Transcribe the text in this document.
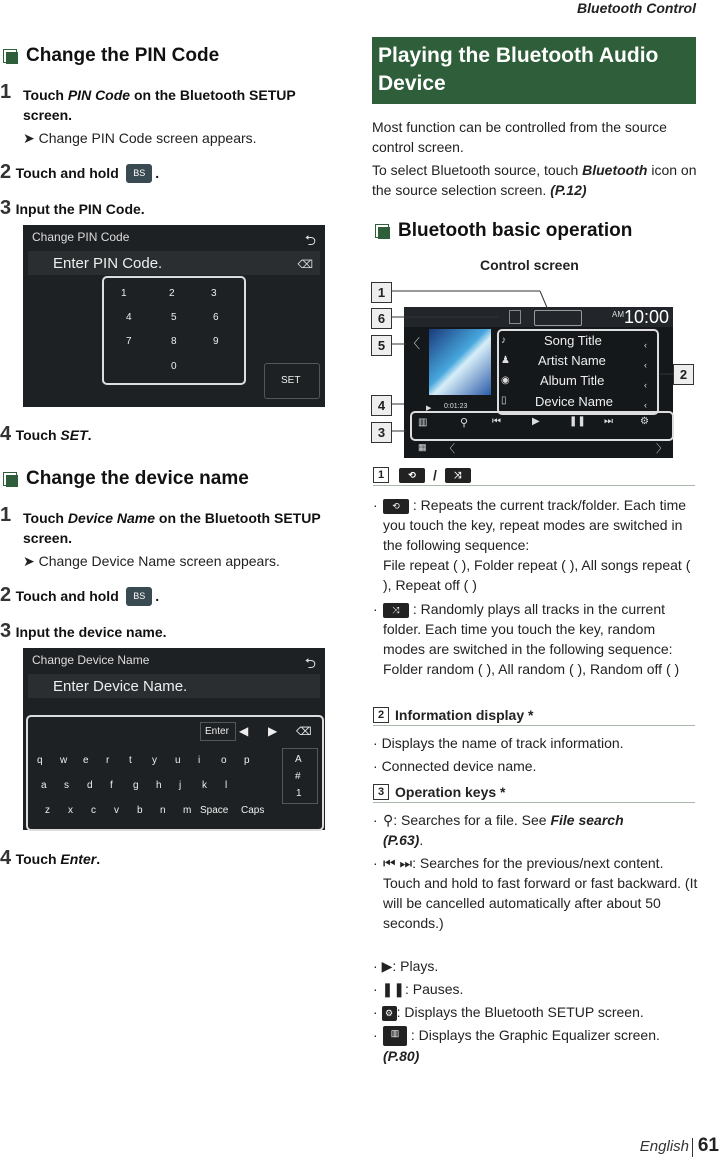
Bluetooth Control
Change the PIN Code
1 Touch PIN Code on the Bluetooth SETUP screen.
➤ Change PIN Code screen appears.
2 Touch and hold BS .
3 Input the PIN Code.
Change PIN Code	⮌
Enter PIN Code.	⌫
1	2	3
4	5	6
7	8	9
0
SET
4 Touch SET.
Change the device name
1 Touch Device Name on the Bluetooth SETUP screen.
➤ Change Device Name screen appears.
2 Touch and hold BS .
3 Input the device name.
Change Device Name	⮌
Enter Device Name.
Enter ◀ ▶ ⌫
Space Caps
A
#
1
q w e r t y u i o p
a s d f g h j k l
z x c v b n m
4 Touch Enter.
Playing the Bluetooth Audio Device
Most function can be controlled from the source control screen.
To select Bluetooth source, touch Bluetooth icon on the source selection screen. (P.12)
Bluetooth basic operation
Control screen
AM 10:00
〈
▶ 0:01:23
♪	Song Title
♟ Artist Name
◉ Album Title
▯ Device Name
‹
‹
‹
‹
▥	⚲ ⏮	▶	❚❚ ⏭	⚙
▦ 〈	〉
1
6
5
2
4
3
1	⟲	/	⤨
·	⟲ : Repeats the current track/folder. Each time you touch the key, repeat modes are switched in the following sequence:
File repeat ( ), Folder repeat ( ), All songs repeat ( ), Repeat off ( )
·	⤨ : Randomly plays all tracks in the current folder. Each time you touch the key, random modes are switched in the following sequence:
Folder random ( ), All random ( ), Random off ( )
2 Information display *
· Displays the name of track information.
· Connected device name.
3 Operation keys *
· ⚲: Searches for a file. See File search
(P.63).
· ⏮ ⏭: Searches for the previous/next content.
Touch and hold to fast forward or fast backward. (It will be cancelled automatically after about 50 seconds.)
· ▶: Plays.
· ❚❚: Pauses.
· ⚙ : Displays the Bluetooth SETUP screen.
·	▥ : Displays the Graphic Equalizer screen.
(P.80)
English 61
